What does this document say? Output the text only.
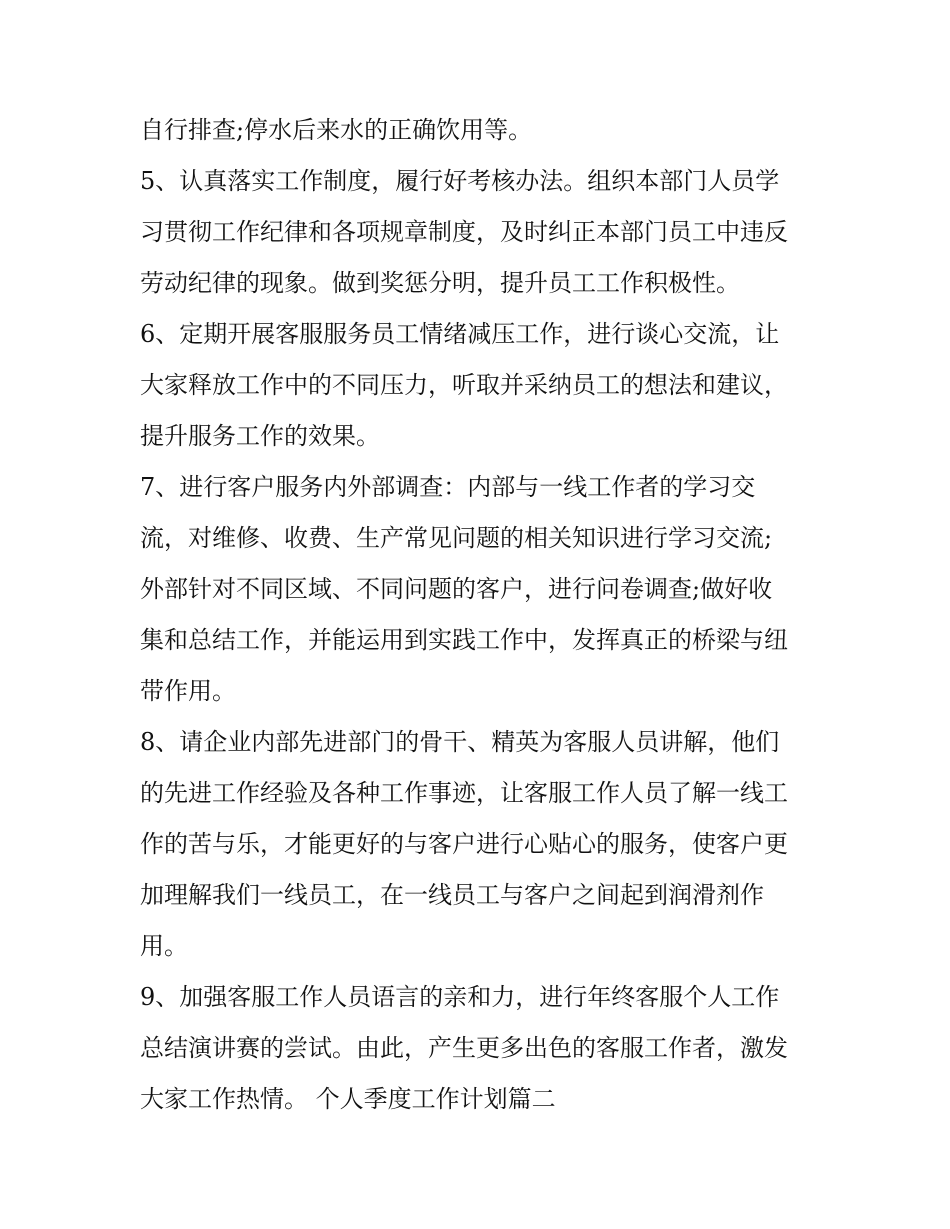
自行排查;停水后来水的正确饮用等。
5、认真落实工作制度，履行好考核办法。组织本部门人员学
习贯彻工作纪律和各项规章制度，及时纠正本部门员工中违反
劳动纪律的现象。做到奖惩分明，提升员工工作积极性。
6、定期开展客服服务员工情绪减压工作，进行谈心交流，让
大家释放工作中的不同压力，听取并采纳员工的想法和建议，
提升服务工作的效果。
7、进行客户服务内外部调查：内部与一线工作者的学习交
流，对维修、收费、生产常见问题的相关知识进行学习交流;
外部针对不同区域、不同问题的客户，进行问卷调查;做好收
集和总结工作，并能运用到实践工作中，发挥真正的桥梁与纽
带作用。
8、请企业内部先进部门的骨干、精英为客服人员讲解，他们
的先进工作经验及各种工作事迹，让客服工作人员了解一线工
作的苦与乐，才能更好的与客户进行心贴心的服务，使客户更
加理解我们一线员工，在一线员工与客户之间起到润滑剂作
用。
9、加强客服工作人员语言的亲和力，进行年终客服个人工作
总结演讲赛的尝试。由此，产生更多出色的客服工作者，激发
大家工作热情。 个人季度工作计划篇二
